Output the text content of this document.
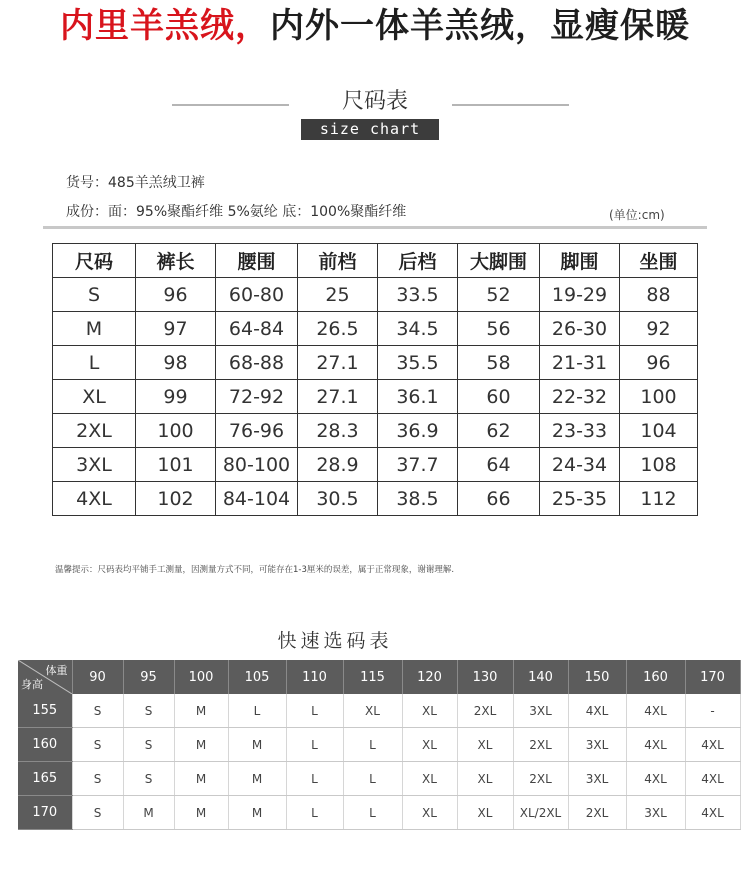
内里羊羔绒，内外一体羊羔绒，显瘦保暖
尺码表
size chart
货号：485羊羔绒卫裤
成份：面：95%聚酯纤维 5%氨纶 底：100%聚酯纤维	(单位:cm)
尺码	裤长	腰围	前档	后档	大脚围	脚围	坐围
S	96	60-80	25	33.5	52	19-29	88
M	97	64-84	26.5	34.5	56	26-30	92
L	98	68-88	27.1	35.5	58	21-31	96
XL	99	72-92	27.1	36.1	60	22-32	100
2XL	100	76-96	28.3	36.9	62	23-33	104
3XL	101	80-100	28.9	37.7	64	24-34	108
4XL	102	84-104	30.5	38.5	66	25-35	112
温馨提示：尺码表均平铺手工测量，因测量方式不同，可能存在1-3厘米的误差，属于正常现象，谢谢理解.
快速选码表
体重
身高	90	95	100	105	110	115	120	130	140	150	160	170
155	S	S	M	L	L	XL	XL	2XL	3XL	4XL	4XL	-
160	S	S	M	M	L	L	XL	XL	2XL	3XL	4XL	4XL
165	S	S	M	M	L	L	XL	XL	2XL	3XL	4XL	4XL
170	S	M	M	M	L	L	XL	XL	XL/2XL	2XL	3XL	4XL
